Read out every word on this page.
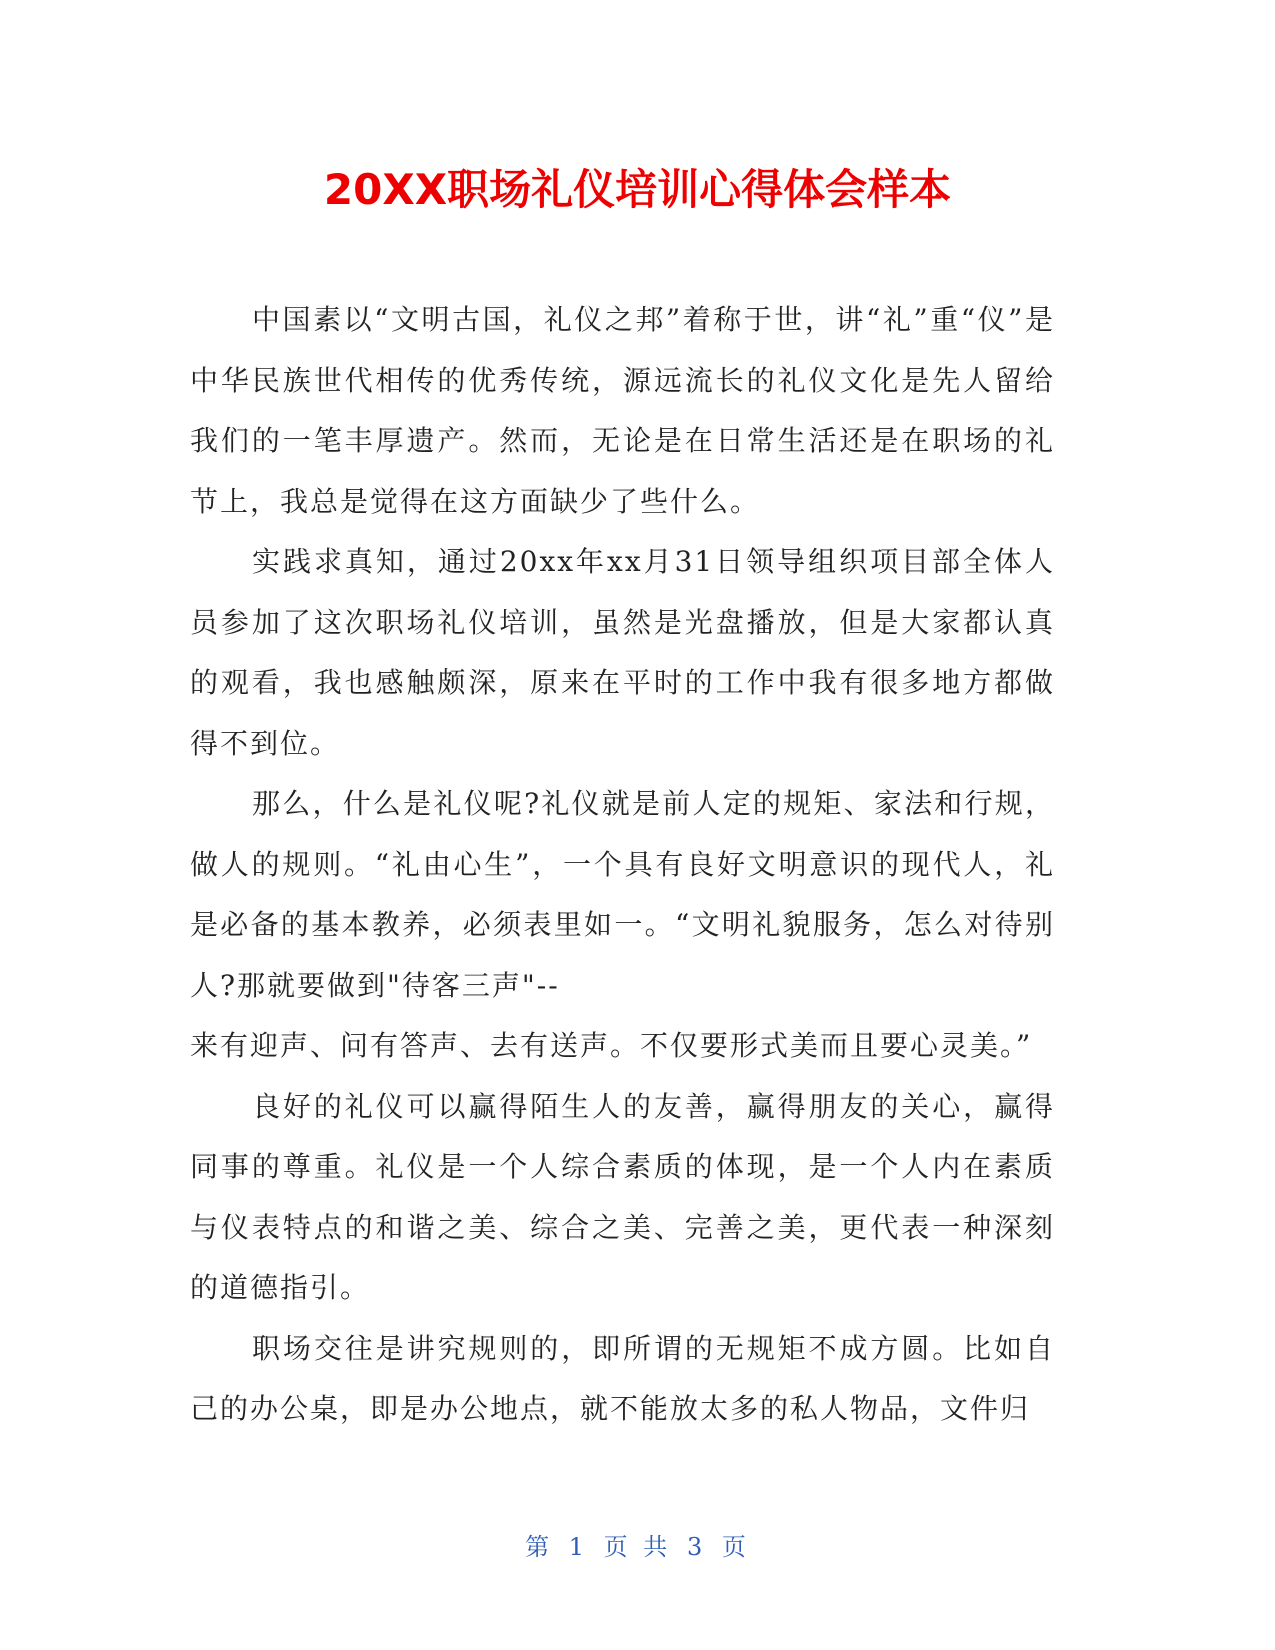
20XX职场礼仪培训心得体会样本

中国素以“文明古国，礼仪之邦”着称于世，讲“礼”重“仪”是中华民族世代相传的优秀传统，源远流长的礼仪文化是先人留给我们的一笔丰厚遗产。然而，无论是在日常生活还是在职场的礼节上，我总是觉得在这方面缺少了些什么。

实践求真知，通过20xx年xx月31日领导组织项目部全体人员参加了这次职场礼仪培训，虽然是光盘播放，但是大家都认真的观看，我也感触颇深，原来在平时的工作中我有很多地方都做得不到位。

那么，什么是礼仪呢?礼仪就是前人定的规矩、家法和行规，做人的规则。“礼由心生”，一个具有良好文明意识的现代人，礼是必备的基本教养，必须表里如一。“文明礼貌服务，怎么对待别人?那就要做到"待客三声"--

来有迎声、问有答声、去有送声。不仅要形式美而且要心灵美。”

良好的礼仪可以赢得陌生人的友善，赢得朋友的关心，赢得同事的尊重。礼仪是一个人综合素质的体现，是一个人内在素质与仪表特点的和谐之美、综合之美、完善之美，更代表一种深刻的道德指引。

职场交往是讲究规则的，即所谓的无规矩不成方圆。比如自己的办公桌，即是办公地点，就不能放太多的私人物品，文件归

第 1 页 共 3 页
